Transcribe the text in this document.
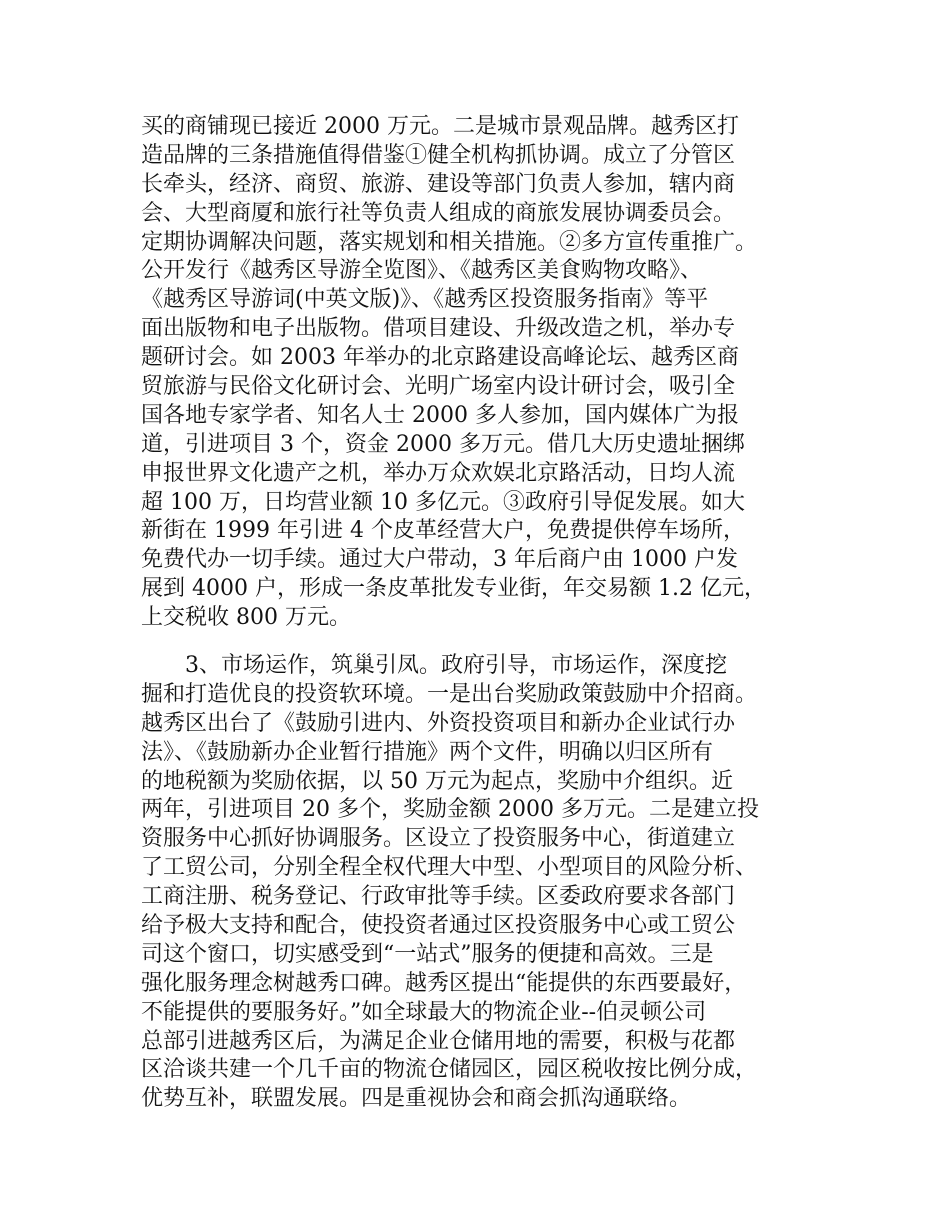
买的商铺现已接近 2000 万元。二是城市景观品牌。越秀区打
造品牌的三条措施值得借鉴①健全机构抓协调。成立了分管区
长牵头，经济、商贸、旅游、建设等部门负责人参加，辖内商
会、大型商厦和旅行社等负责人组成的商旅发展协调委员会。
定期协调解决问题，落实规划和相关措施。②多方宣传重推广。
公开发行《越秀区导游全览图》、《越秀区美食购物攻略》、
《越秀区导游词(中英文版)》、《越秀区投资服务指南》等平
面出版物和电子出版物。借项目建设、升级改造之机，举办专
题研讨会。如 2003 年举办的北京路建设高峰论坛、越秀区商
贸旅游与民俗文化研讨会、光明广场室内设计研讨会，吸引全
国各地专家学者、知名人士 2000 多人参加，国内媒体广为报
道，引进项目 3 个，资金 2000 多万元。借几大历史遗址捆绑
申报世界文化遗产之机，举办万众欢娱北京路活动，日均人流
超 100 万，日均营业额 10 多亿元。③政府引导促发展。如大
新街在 1999 年引进 4 个皮革经营大户，免费提供停车场所，
免费代办一切手续。通过大户带动，3 年后商户由 1000 户发
展到 4000 户，形成一条皮革批发专业街，年交易额 1.2 亿元，
上交税收 800 万元。
　　3、市场运作，筑巢引凤。政府引导，市场运作，深度挖
掘和打造优良的投资软环境。一是出台奖励政策鼓励中介招商。
越秀区出台了《鼓励引进内、外资投资项目和新办企业试行办
法》、《鼓励新办企业暂行措施》两个文件，明确以归区所有
的地税额为奖励依据，以 50 万元为起点，奖励中介组织。近
两年，引进项目 20 多个，奖励金额 2000 多万元。二是建立投
资服务中心抓好协调服务。区设立了投资服务中心，街道建立
了工贸公司，分别全程全权代理大中型、小型项目的风险分析、
工商注册、税务登记、行政审批等手续。区委政府要求各部门
给予极大支持和配合，使投资者通过区投资服务中心或工贸公
司这个窗口，切实感受到“一站式”服务的便捷和高效。三是
强化服务理念树越秀口碑。越秀区提出“能提供的东西要最好，
不能提供的要服务好。”如全球最大的物流企业--伯灵顿公司
总部引进越秀区后，为满足企业仓储用地的需要，积极与花都
区洽谈共建一个几千亩的物流仓储园区，园区税收按比例分成，
优势互补，联盟发展。四是重视协会和商会抓沟通联络。
